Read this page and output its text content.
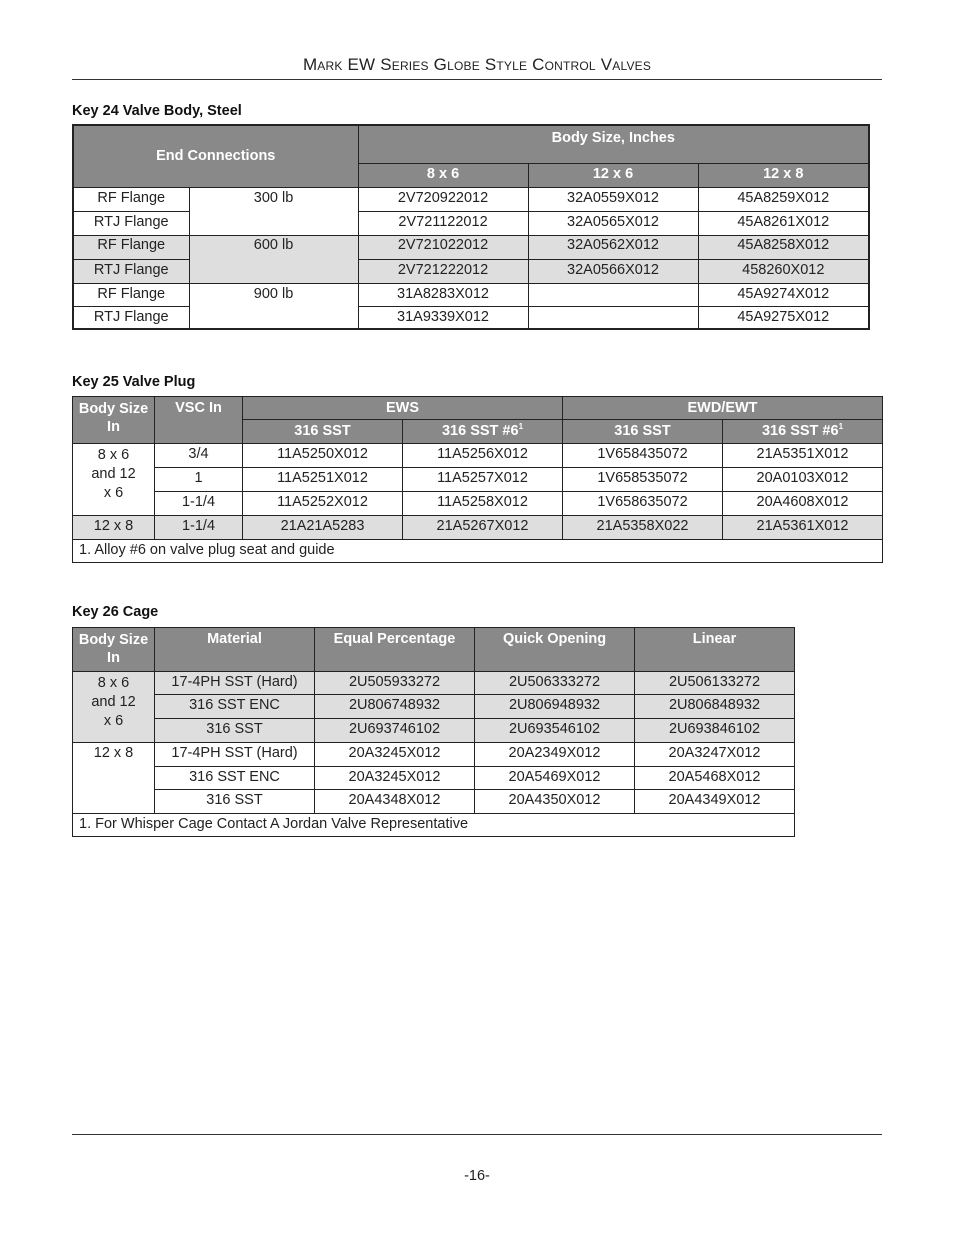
Mark EW Series Globe Style Control Valves
Key 24 Valve Body, Steel
End Connections		Body Size, Inches		
		8 x 6	12 x 6	12 x 8
RF Flange	300 lb	2V720922012	32A0559X012	45A8259X012
RTJ Flange		2V721122012	32A0565X012	45A8261X012
RF Flange	600 lb	2V721022012	32A0562X012	45A8258X012
RTJ Flange		2V721222012	32A0566X012	458260X012
RF Flange	900 lb	31A8283X012		45A9274X012
RTJ Flange		31A9339X012		45A9275X012
Key 25 Valve Plug
Body Size In	VSC In	EWS		EWD/EWT	
		316 SST	316 SST $\#6^1$	316 SST	316 SST $\#6^1$
8 x 6 and 12 x 6	3/4	11A5250X012	11A5256X012	1V658435072	21A5351X012
	1	11A5251X012	11A5257X012	1V658535072	20A0103X012
	1-1/4	11A5252X012	11A5258X012	1V658635072	20A4608X012
12 x 8	1-1/4	21A21A5283	21A5267X012	21A5358X022	21A5361X012
1. Alloy #6 on valve plug seat and guide					
Key 26 Cage
Body Size In	Material	Equal Percentage	Quick Opening	Linear
8 x 6 and 12 x 6	17-4PH SST (Hard)	2U505933272	2U506333272	2U506133272
	316 SST ENC	2U806748932	2U806948932	2U806848932
	316 SST	2U693746102	2U693546102	2U693846102
12 x 8	17-4PH SST (Hard)	20A3245X012	20A2349X012	20A3247X012
	316 SST ENC	20A3245X012	20A5469X012	20A5468X012
	316 SST	20A4348X012	20A4350X012	20A4349X012
1. For Whisper Cage Contact A Jordan Valve Representative				
-16-
